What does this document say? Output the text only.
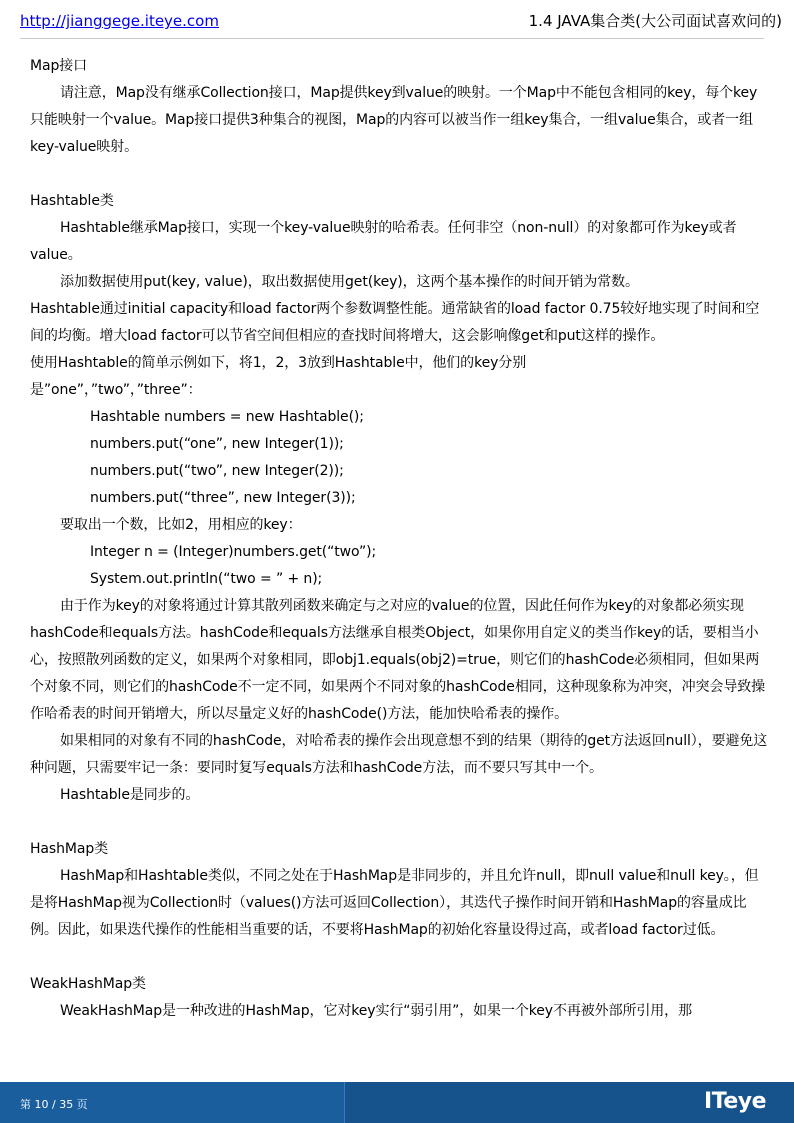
http://jianggege.iteye.com	1.4 JAVA集合类(大公司面试喜欢问的)

Map接口

请注意，Map没有继承Collection接口，Map提供key到value的映射。一个Map中不能包含相同的key，每个key只能映射一个value。Map接口提供3种集合的视图，Map的内容可以被当作一组key集合，一组value集合，或者一组key-value映射。

Hashtable类

Hashtable继承Map接口，实现一个key-value映射的哈希表。任何非空（non-null）的对象都可作为key或者value。

添加数据使用put(key, value)，取出数据使用get(key)，这两个基本操作的时间开销为常数。

Hashtable通过initial capacity和load factor两个参数调整性能。通常缺省的load factor 0.75较好地实现了时间和空间的均衡。增大load factor可以节省空间但相应的查找时间将增大，这会影响像get和put这样的操作。

使用Hashtable的简单示例如下，将1，2，3放到Hashtable中，他们的key分别

是”one”，”two”，”three”：

Hashtable numbers = new Hashtable();

numbers.put(“one”, new Integer(1));

numbers.put(“two”, new Integer(2));

numbers.put(“three”, new Integer(3));

要取出一个数，比如2，用相应的key：

Integer n = (Integer)numbers.get(“two”);

System.out.println(“two = ” + n);

由于作为key的对象将通过计算其散列函数来确定与之对应的value的位置，因此任何作为key的对象都必须实现hashCode和equals方法。hashCode和equals方法继承自根类Object，如果你用自定义的类当作key的话，要相当小心，按照散列函数的定义，如果两个对象相同，即obj1.equals(obj2)=true，则它们的hashCode必须相同，但如果两个对象不同，则它们的hashCode不一定不同，如果两个不同对象的hashCode相同，这种现象称为冲突，冲突会导致操作哈希表的时间开销增大，所以尽量定义好的hashCode()方法，能加快哈希表的操作。

如果相同的对象有不同的hashCode，对哈希表的操作会出现意想不到的结果（期待的get方法返回null），要避免这种问题，只需要牢记一条：要同时复写equals方法和hashCode方法，而不要只写其中一个。

Hashtable是同步的。

HashMap类

HashMap和Hashtable类似，不同之处在于HashMap是非同步的，并且允许null，即null value和null key。，但是将HashMap视为Collection时（values()方法可返回Collection），其迭代子操作时间开销和HashMap的容量成比例。因此，如果迭代操作的性能相当重要的话，不要将HashMap的初始化容量设得过高，或者load factor过低。

WeakHashMap类

WeakHashMap是一种改进的HashMap，它对key实行“弱引用”，如果一个key不再被外部所引用，那

第 10 / 35 页	ITeye
